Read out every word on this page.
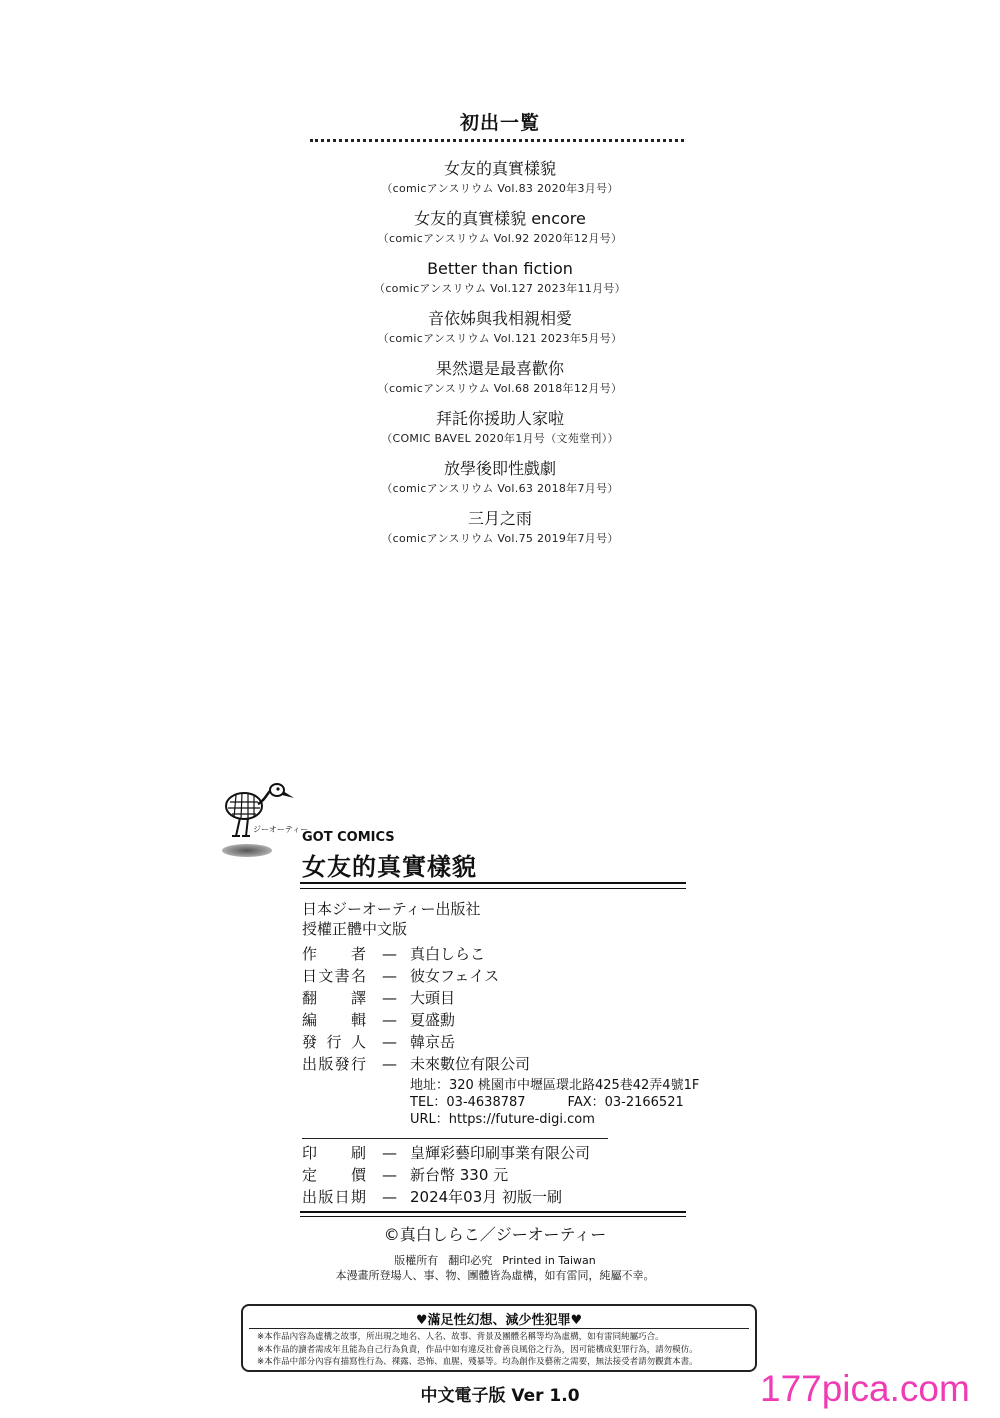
初出一覧
女友的真實樣貌
（comicアンスリウム Vol.83 2020年3月号）
女友的真實樣貌 encore
（comicアンスリウム Vol.92 2020年12月号）
Better than fiction
（comicアンスリウム Vol.127 2023年11月号）
音依姊與我相親相愛
（comicアンスリウム Vol.121 2023年5月号）
果然還是最喜歡你
（comicアンスリウム Vol.68 2018年12月号）
拜託你援助人家啦
（COMIC BAVEL 2020年1月号（文苑堂刊））
放學後即性戲劇
（comicアンスリウム Vol.63 2018年7月号）
三月之雨
（comicアンスリウム Vol.75 2019年7月号）
ジーオーティー
GOT COMICS
女友的真實樣貌
日本ジーオーティー出版社
授權正體中文版
作者 — 真白しらこ
日文書名 — 彼女フェイス
翻譯 — 大頭目
編輯 — 夏盛勳
發行人 — 韓京岳
出版發行 — 未來數位有限公司
地址：320 桃園市中壢區環北路425巷42弄4號1F
TEL：03-4638787	FAX：03-2166521
URL：https://future-digi.com
印刷 — 皇輝彩藝印刷事業有限公司
定價 — 新台幣 330 元
出版日期 — 2024年03月 初版一刷
©真白しらこ／ジーオーティー
版權所有 翻印必究 Printed in Taiwan
本漫畫所登場人、事、物、團體皆為虛構，如有雷同，純屬不幸。
♥滿足性幻想、減少性犯罪♥
※本作品內容為虛構之故事，所出現之地名、人名、故事、背景及團體名稱等均為虛構，如有雷同純屬巧合。
※本作品的讀者需成年且能為自己行為負責，作品中如有違反社會善良風俗之行為，因可能構成犯罪行為，請勿模仿。
※本作品中部分內容有描寫性行為、裸露、恐怖、血腥、殘暴等。均為創作及藝術之需要，無法接受者請勿觀賞本書。
中文電子版 Ver 1.0	177pica.com
